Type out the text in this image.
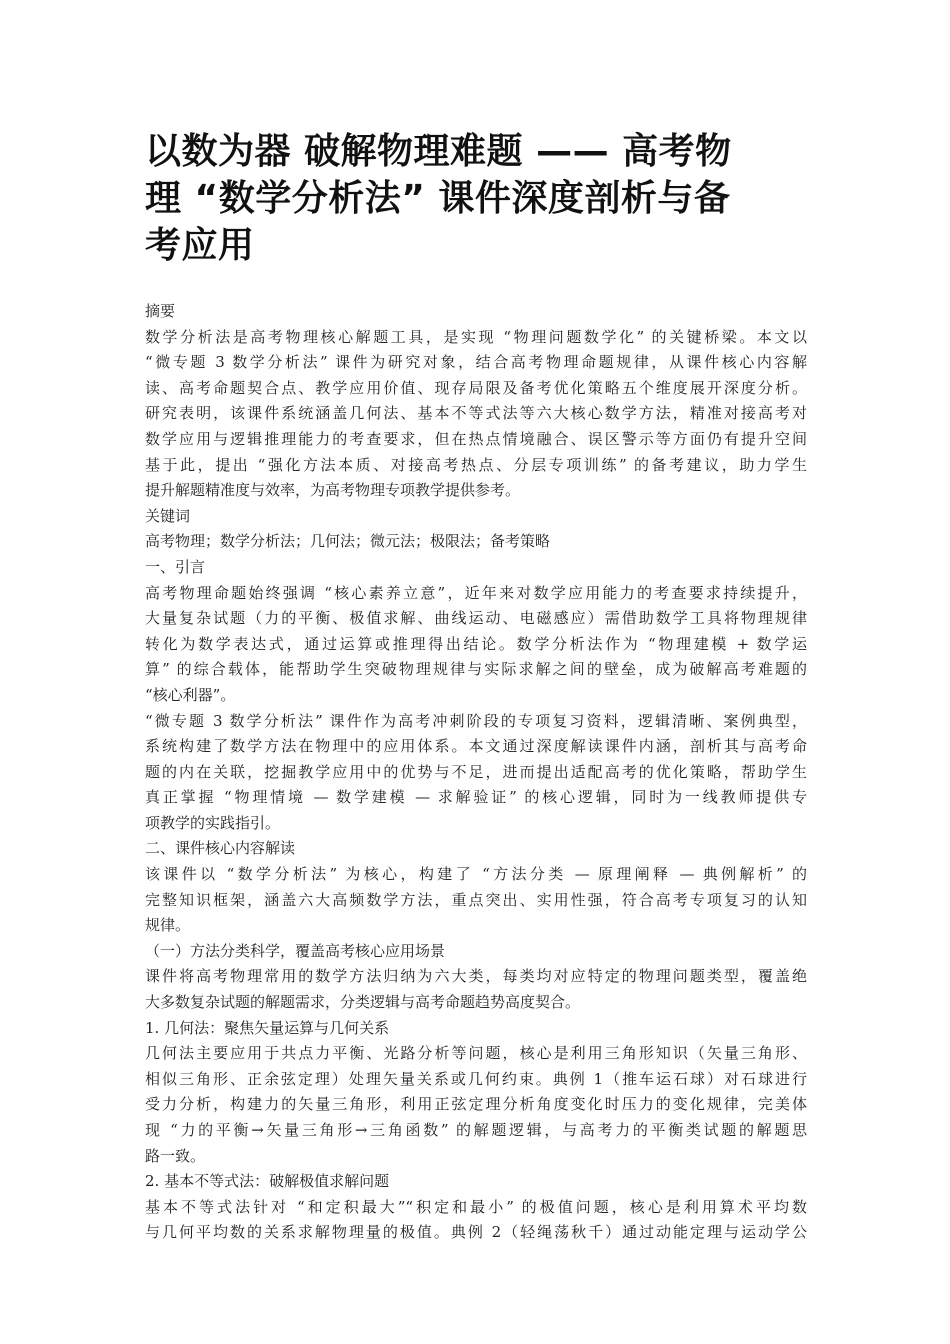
以数为器 破解物理难题 —— 高考物
理 “数学分析法” 课件深度剖析与备
考应用
摘要
数学分析法是高考物理核心解题工具，是实现 “物理问题数学化” 的关键桥梁。本文以
“微专题 3 数学分析法” 课件为研究对象，结合高考物理命题规律，从课件核心内容解
读、高考命题契合点、教学应用价值、现存局限及备考优化策略五个维度展开深度分析。
研究表明，该课件系统涵盖几何法、基本不等式法等六大核心数学方法，精准对接高考对
数学应用与逻辑推理能力的考查要求，但在热点情境融合、误区警示等方面仍有提升空间
基于此，提出 “强化方法本质、对接高考热点、分层专项训练” 的备考建议，助力学生
提升解题精准度与效率，为高考物理专项教学提供参考。
关键词
高考物理；数学分析法；几何法；微元法；极限法；备考策略
一、引言
高考物理命题始终强调 “核心素养立意”，近年来对数学应用能力的考查要求持续提升，
大量复杂试题（力的平衡、极值求解、曲线运动、电磁感应）需借助数学工具将物理规律
转化为数学表达式，通过运算或推理得出结论。数学分析法作为 “物理建模 + 数学运
算” 的综合载体，能帮助学生突破物理规律与实际求解之间的壁垒，成为破解高考难题的
“核心利器”。
“微专题 3 数学分析法” 课件作为高考冲刺阶段的专项复习资料，逻辑清晰、案例典型，
系统构建了数学方法在物理中的应用体系。本文通过深度解读课件内涵，剖析其与高考命
题的内在关联，挖掘教学应用中的优势与不足，进而提出适配高考的优化策略，帮助学生
真正掌握 “物理情境 — 数学建模 — 求解验证” 的核心逻辑，同时为一线教师提供专
项教学的实践指引。
二、课件核心内容解读
该课件以 “数学分析法” 为核心，构建了 “方法分类 — 原理阐释 — 典例解析” 的
完整知识框架，涵盖六大高频数学方法，重点突出、实用性强，符合高考专项复习的认知
规律。
（一）方法分类科学，覆盖高考核心应用场景
课件将高考物理常用的数学方法归纳为六大类，每类均对应特定的物理问题类型，覆盖绝
大多数复杂试题的解题需求，分类逻辑与高考命题趋势高度契合。
1. 几何法：聚焦矢量运算与几何关系
几何法主要应用于共点力平衡、光路分析等问题，核心是利用三角形知识（矢量三角形、
相似三角形、正余弦定理）处理矢量关系或几何约束。典例 1（推车运石球）对石球进行
受力分析，构建力的矢量三角形，利用正弦定理分析角度变化时压力的变化规律，完美体
现 “力的平衡→矢量三角形→三角函数” 的解题逻辑，与高考力的平衡类试题的解题思
路一致。
2. 基本不等式法：破解极值求解问题
基本不等式法针对 “和定积最大”“积定和最小” 的极值问题，核心是利用算术平均数
与几何平均数的关系求解物理量的极值。典例 2（轻绳荡秋千）通过动能定理与运动学公
